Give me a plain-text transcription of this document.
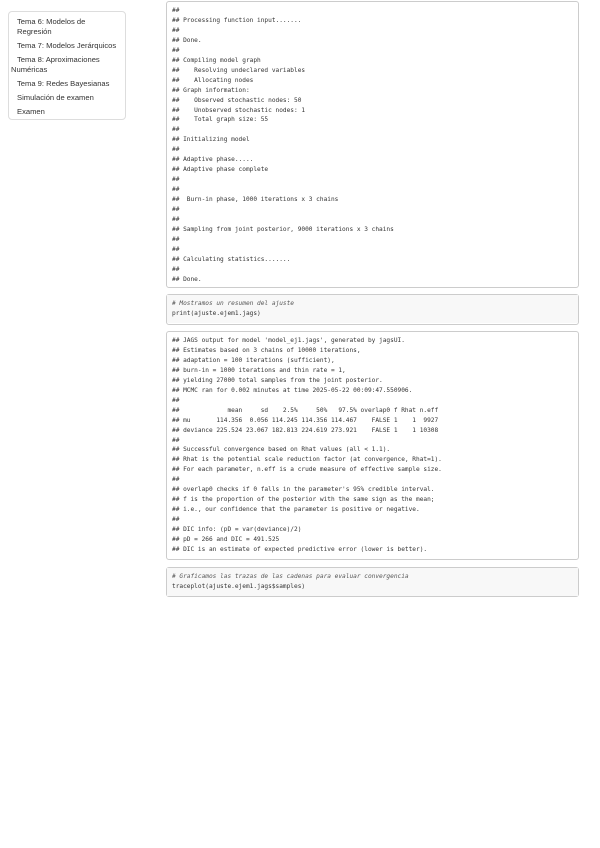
Tema 6: Modelos de Regresión
Tema 7: Modelos Jerárquicos
Tema 8: Aproximaciones
Numéricas
Tema 9: Redes Bayesianas
Simulación de examen
Examen
##
## Processing function input.......
##
## Done.
##
## Compiling model graph
##    Resolving undeclared variables
##    Allocating nodes
## Graph information:
##    Observed stochastic nodes: 50
##    Unobserved stochastic nodes: 1
##    Total graph size: 55
##
## Initializing model
##
## Adaptive phase.....
## Adaptive phase complete
##
##
##  Burn-in phase, 1000 iterations x 3 chains
##
##
## Sampling from joint posterior, 9000 iterations x 3 chains
##
##
## Calculating statistics.......
##
## Done.
# Mostramos un resumen del ajuste
print(ajuste.ejem1.jags)
## JAGS output for model 'model_ej1.jags', generated by jagsUI.
## Estimates based on 3 chains of 10000 iterations,
## adaptation = 100 iterations (sufficient),
## burn-in = 1000 iterations and thin rate = 1,
## yielding 27000 total samples from the joint posterior.
## MCMC ran for 0.002 minutes at time 2025-05-22 00:09:47.550906.
##
##             mean     sd    2.5%     50%   97.5% overlap0 f Rhat n.eff
## mu       114.356  0.056 114.245 114.356 114.467    FALSE 1    1  9927
## deviance 225.524 23.067 182.813 224.619 273.921    FALSE 1    1 10308
##
## Successful convergence based on Rhat values (all < 1.1).
## Rhat is the potential scale reduction factor (at convergence, Rhat=1).
## For each parameter, n.eff is a crude measure of effective sample size.
##
## overlap0 checks if 0 falls in the parameter's 95% credible interval.
## f is the proportion of the posterior with the same sign as the mean;
## i.e., our confidence that the parameter is positive or negative.
##
## DIC info: (pD = var(deviance)/2)
## pD = 266 and DIC = 491.525
## DIC is an estimate of expected predictive error (lower is better).
# Graficamos las trazas de las cadenas para evaluar convergencia
traceplot(ajuste.ejem1.jags$samples)
